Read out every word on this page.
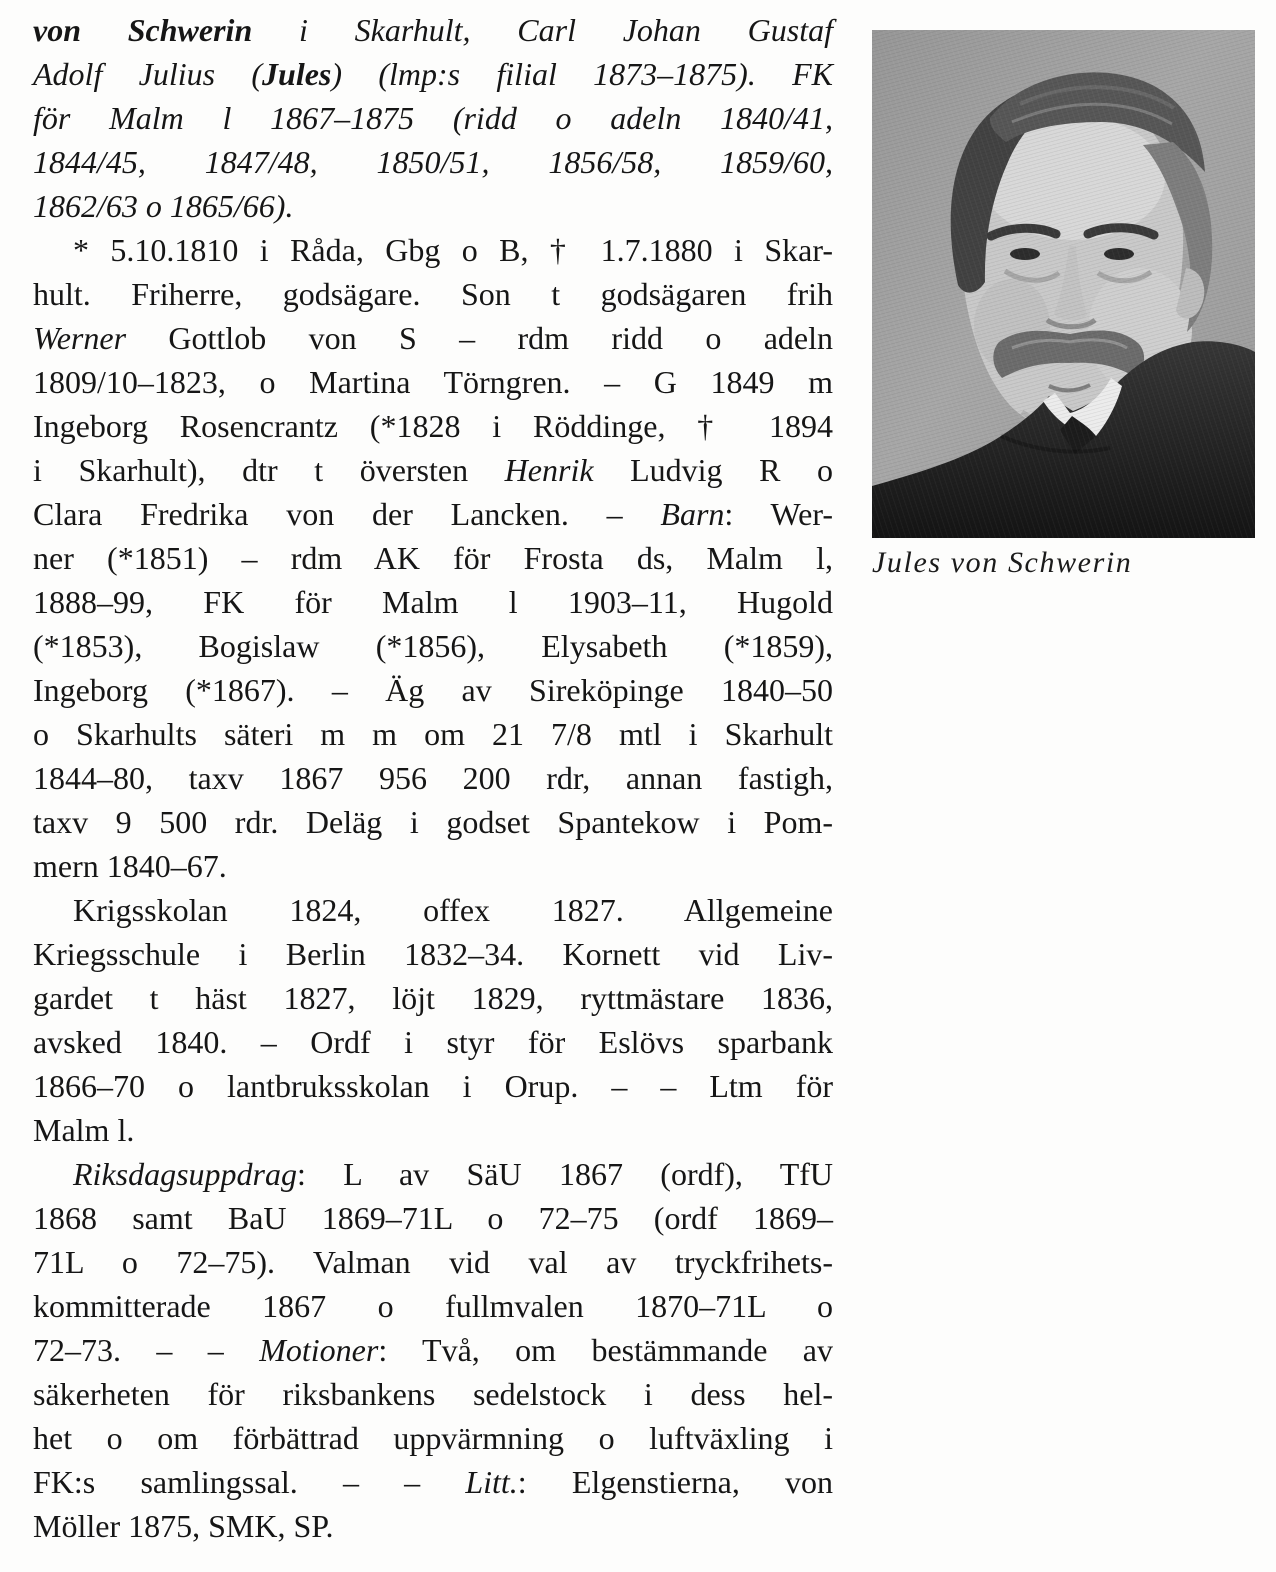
von Schwerin i Skarhult, Carl Johan Gustaf
Adolf Julius (Jules) (lmp:s filial 1873–1875). FK
för Malm l 1867–1875 (ridd o adeln 1840/41,
1844/45, 1847/48, 1850/51, 1856/58, 1859/60,
1862/63 o 1865/66).
* 5.10.1810 i Råda, Gbg o B, † 1.7.1880 i Skar-
hult. Friherre, godsägare. Son t godsägaren frih
Werner Gottlob von S – rdm ridd o adeln
1809/10–1823, o Martina Törngren. – G 1849 m
Ingeborg Rosencrantz (*1828 i Röddinge, † 1894
i Skarhult), dtr t översten Henrik Ludvig R o
Clara Fredrika von der Lancken. – Barn: Wer-
ner (*1851) – rdm AK för Frosta ds, Malm l,
1888–99, FK för Malm l 1903–11, Hugold
(*1853), Bogislaw (*1856), Elysabeth (*1859),
Ingeborg (*1867). – Äg av Sireköpinge 1840–50
o Skarhults säteri m m om 21 7/8 mtl i Skarhult
1844–80, taxv 1867 956 200 rdr, annan fastigh,
taxv 9 500 rdr. Deläg i godset Spantekow i Pom-
mern 1840–67.
Krigsskolan 1824, offex 1827. Allgemeine
Kriegsschule i Berlin 1832–34. Kornett vid Liv-
gardet t häst 1827, löjt 1829, ryttmästare 1836,
avsked 1840. – Ordf i styr för Eslövs sparbank
1866–70 o lantbruksskolan i Orup. – – Ltm för
Malm l.
Riksdagsuppdrag: L av SäU 1867 (ordf), TfU
1868 samt BaU 1869–71L o 72–75 (ordf 1869–
71L o 72–75). Valman vid val av tryckfrihets-
kommitterade 1867 o fullmvalen 1870–71L o
72–73. – – Motioner: Två, om bestämmande av
säkerheten för riksbankens sedelstock i dess hel-
het o om förbättrad uppvärmning o luftväxling i
FK:s samlingssal. – – Litt.: Elgenstierna, von
Möller 1875, SMK, SP.
Jules von Schwerin
